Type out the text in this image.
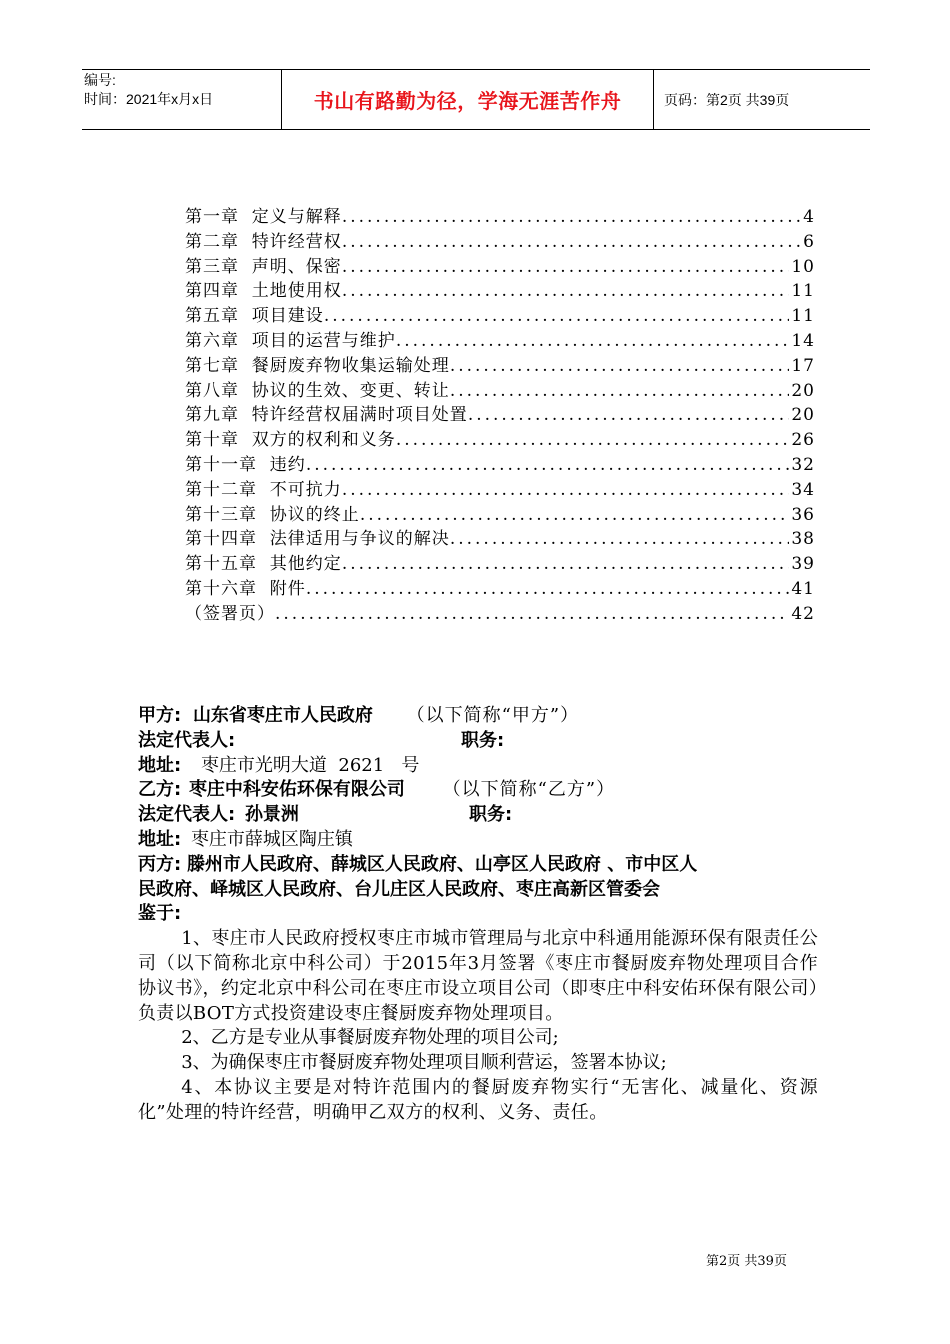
编号:
时间：2021年x月x日	书山有路勤为径，学海无涯苦作舟	页码：第2页 共39页
第一章  定义与解释 .....	4
第二章  特许经营权 .....	6
第三章  声明、保密 .....	10
第四章  土地使用权 .....	11
第五章  项目建设 .....	11
第六章  项目的运营与维护 .....	14
第七章  餐厨废弃物收集运输处理 .....	17
第八章  协议的生效、变更、转让 .....	20
第九章  特许经营权届满时项目处置 .....	20
第十章  双方的权利和义务 .....	26
第十一章  违约 .....	32
第十二章  不可抗力 .....	34
第十三章  协议的终止 .....	36
第十四章  法律适用与争议的解决 .....	38
第十五章  其他约定 .....	39
第十六章  附件 .....	41
（签署页） .....	42
甲方: 山东省枣庄市人民政府 （以下简称“甲方”）
法定代表人:	职务:
地址: 枣庄市光明大道  2621   号
乙方: 枣庄中科安佑环保有限公司 （以下简称“乙方”）
法定代表人: 孙景洲	职务:
地址: 枣庄市薛城区陶庄镇
丙方: 滕州市人民政府、薛城区人民政府、山亭区人民政府 、市中区人
民政府、峄城区人民政府、台儿庄区人民政府、枣庄高新区管委会
鉴于:
1、枣庄市人民政府授权枣庄市城市管理局与北京中科通用能源环保有限责任公司（以下简称北京中科公司）于2015年3月签署《枣庄市餐厨废弃物处理项目合作协议书》，约定北京中科公司在枣庄市设立项目公司（即枣庄中科安佑环保有限公司）负责以BOT方式投资建设枣庄餐厨废弃物处理项目。
2、乙方是专业从事餐厨废弃物处理的项目公司;
3、为确保枣庄市餐厨废弃物处理项目顺利营运，签署本协议;
4、本协议主要是对特许范围内的餐厨废弃物实行“无害化、减量化、资源化”处理的特许经营，明确甲乙双方的权利、义务、责任。
第2页 共39页
